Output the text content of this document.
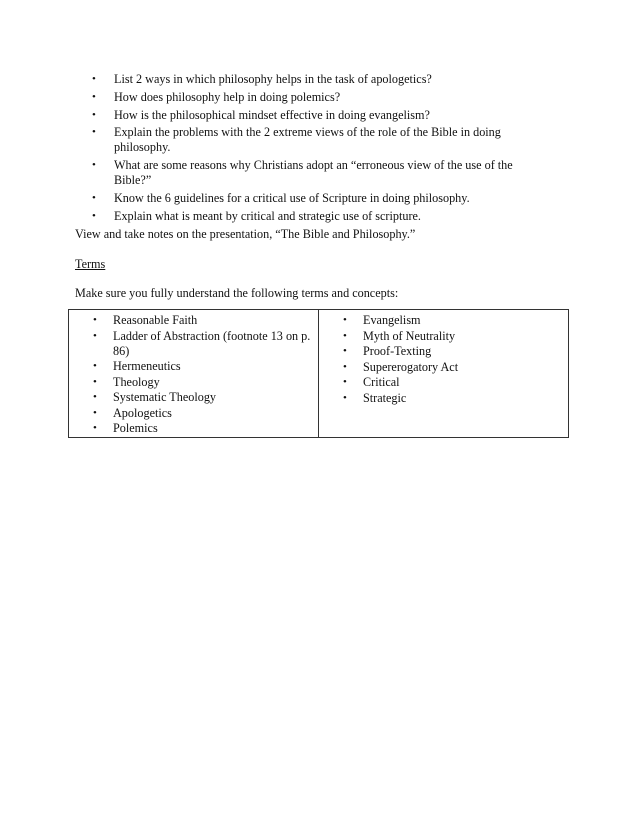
• List 2 ways in which philosophy helps in the task of apologetics?
• How does philosophy help in doing polemics?
• How is the philosophical mindset effective in doing evangelism?
• Explain the problems with the 2 extreme views of the role of the Bible in doing philosophy.
• What are some reasons why Christians adopt an “erroneous view of the use of the Bible?”
• Know the 6 guidelines for a critical use of Scripture in doing philosophy.
• Explain what is meant by critical and strategic use of scripture.
View and take notes on the presentation, “The Bible and Philosophy.”
Terms
Make sure you fully understand the following terms and concepts:
• Reasonable Faith
• Ladder of Abstraction (footnote 13 on p. 86)
• Hermeneutics
• Theology
• Systematic Theology
• Apologetics
• Polemics

• Evangelism
• Myth of Neutrality
• Proof-Texting
• Supererogatory Act
• Critical
• Strategic
